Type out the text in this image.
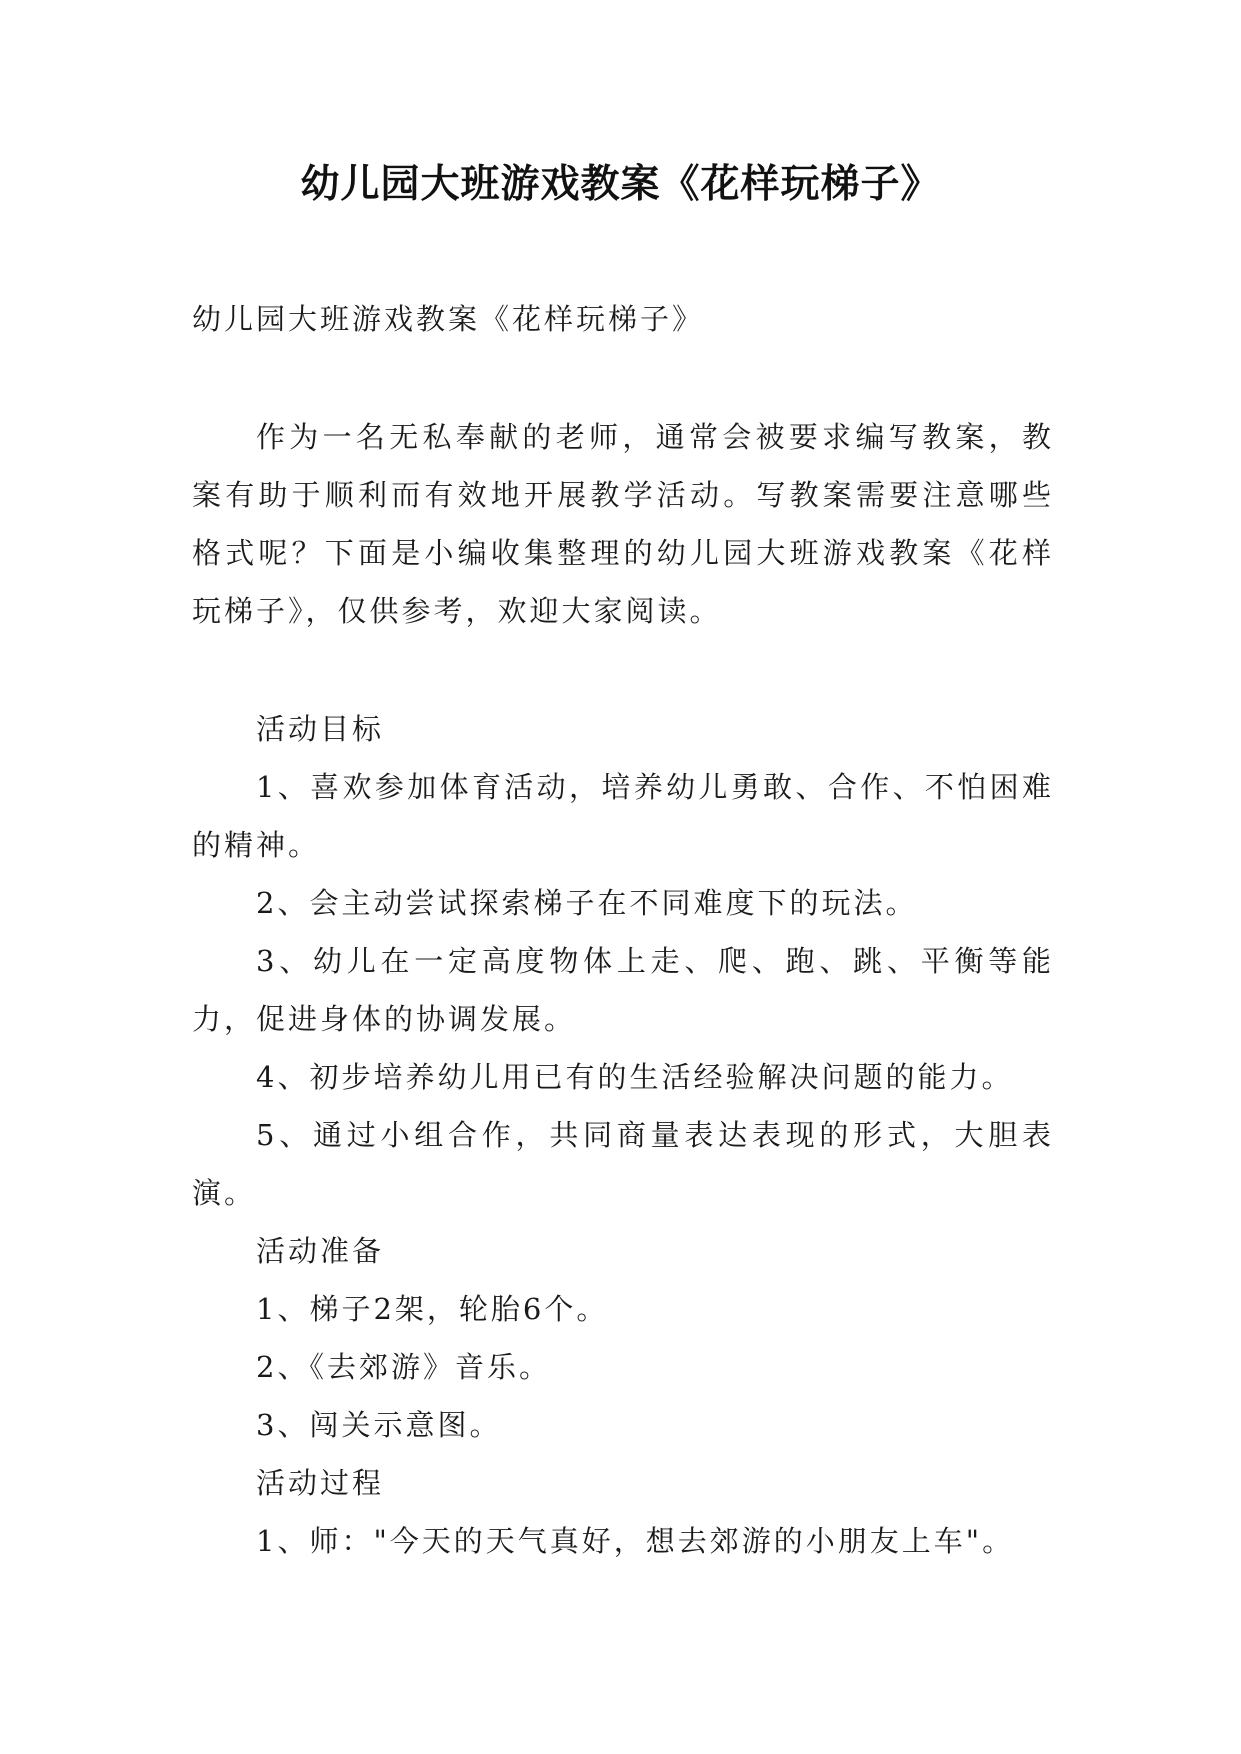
幼儿园大班游戏教案《花样玩梯子》

幼儿园大班游戏教案《花样玩梯子》

作为一名无私奉献的老师，通常会被要求编写教案，教案有助于顺利而有效地开展教学活动。写教案需要注意哪些格式呢？下面是小编收集整理的幼儿园大班游戏教案《花样玩梯子》，仅供参考，欢迎大家阅读。

活动目标

1、喜欢参加体育活动，培养幼儿勇敢、合作、不怕困难的精神。

2、会主动尝试探索梯子在不同难度下的玩法。

3、幼儿在一定高度物体上走、爬、跑、跳、平衡等能力，促进身体的协调发展。

4、初步培养幼儿用已有的生活经验解决问题的能力。

5、通过小组合作，共同商量表达表现的形式，大胆表演。

活动准备

1、梯子2架，轮胎6个。

2、《去郊游》音乐。

3、闯关示意图。

活动过程

1、师："今天的天气真好，想去郊游的小朋友上车"。
